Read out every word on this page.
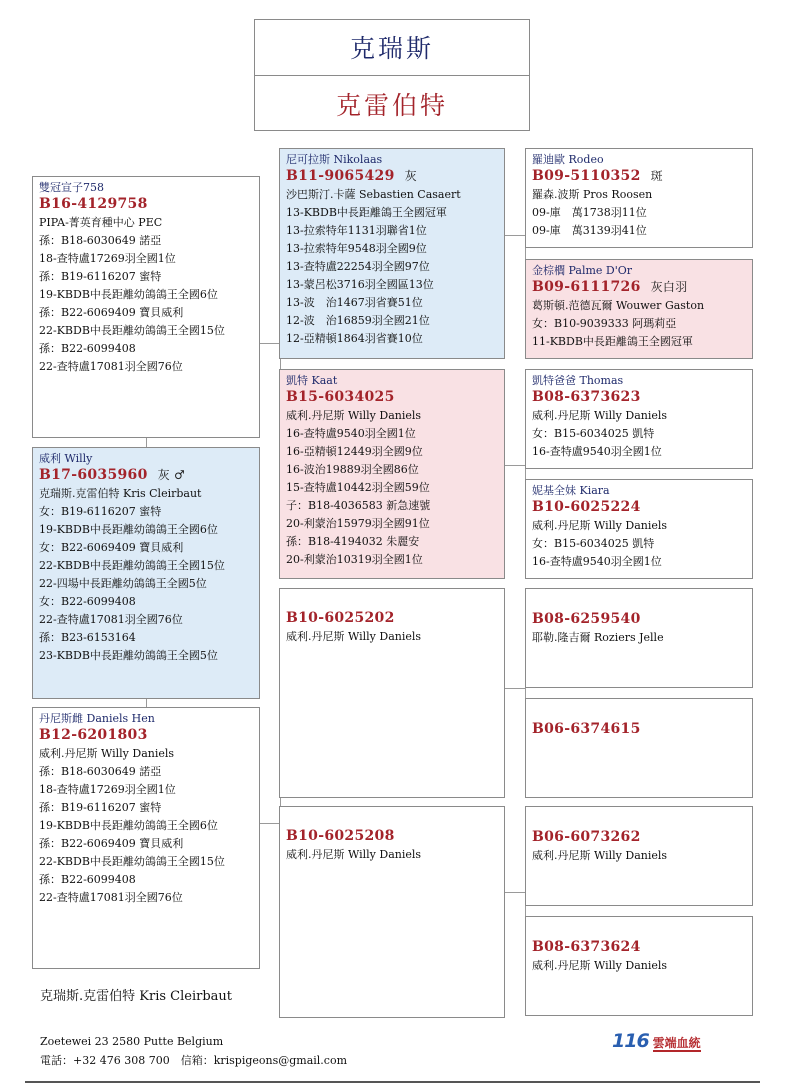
克瑞斯
克雷伯特
雙冠宣子758
B16-4129758
PIPA-菁英育種中心 PEC
孫：B18-6030649 諾亞
18-查特盧17269羽全國1位
孫：B19-6116207 蜜特
19-KBDB中長距離幼鴿鴿王全國6位
孫：B22-6069409 寶貝威利
22-KBDB中長距離幼鴿鴿王全國15位
孫：B22-6099408
22-查特盧17081羽全國76位
威利 Willy
B17-6035960 灰 ♂
克瑞斯.克雷伯特 Kris Cleirbaut
女：B19-6116207 蜜特
19-KBDB中長距離幼鴿鴿王全國6位
女：B22-6069409 寶貝威利
22-KBDB中長距離幼鴿鴿王全國15位
22-四場中長距離幼鴿鴿王全國5位
女：B22-6099408
22-查特盧17081羽全國76位
孫：B23-6153164
23-KBDB中長距離幼鴿鴿王全國5位
丹尼斯雌 Daniels Hen
B12-6201803
威利.丹尼斯 Willy Daniels
孫：B18-6030649 諾亞
18-查特盧17269羽全國1位
孫：B19-6116207 蜜特
19-KBDB中長距離幼鴿鴿王全國6位
孫：B22-6069409 寶貝威利
22-KBDB中長距離幼鴿鴿王全國15位
孫：B22-6099408
22-查特盧17081羽全國76位
尼可拉斯 Nikolaas
B11-9065429 灰
沙巴斯汀.卡薩 Sebastien Casaert
13-KBDB中長距離鴿王全國冠軍
13-拉索特年1131羽聯省1位
13-拉索特年9548羽全國9位
13-查特盧22254羽全國97位
13-蒙呂松3716羽全國區13位
13-波　治1467羽省賽51位
12-波　治16859羽全國21位
12-亞精頓1864羽省賽10位
凱特 Kaat
B15-6034025
威利.丹尼斯 Willy Daniels
16-查特盧9540羽全國1位
16-亞精頓12449羽全國9位
16-波治19889羽全國86位
15-查特盧10442羽全國59位
子：B18-4036583 新急速號
20-利蒙治15979羽全國91位
孫：B18-4194032 朱麗安
20-利蒙治10319羽全國1位
B10-6025202
威利.丹尼斯 Willy Daniels
B10-6025208
威利.丹尼斯 Willy Daniels
羅迪歐 Rodeo
B09-5110352 斑
羅森.波斯 Pros Roosen
09-庫　萬1738羽11位
09-庫　萬3139羽41位
金棕櫚 Palme D'Or
B09-6111726 灰白羽
葛斯頓.范德瓦爾 Wouwer Gaston
女：B10-9039333 阿瑪莉亞
11-KBDB中長距離鴿王全國冠軍
凱特爸爸 Thomas
B08-6373623
威利.丹尼斯 Willy Daniels
女：B15-6034025 凱特
16-查特盧9540羽全國1位
妮基全妹 Kiara
B10-6025224
威利.丹尼斯 Willy Daniels
女：B15-6034025 凱特
16-查特盧9540羽全國1位
B08-6259540
耶勒.隆吉爾 Roziers Jelle
B06-6374615
B06-6073262
威利.丹尼斯 Willy Daniels
B08-6373624
威利.丹尼斯 Willy Daniels
克瑞斯.克雷伯特 Kris Cleirbaut
Zoetewei 23 2580 Putte Belgium
電話：+32 476 308 700　信箱：krispigeons@gmail.com
116 雲端血統
